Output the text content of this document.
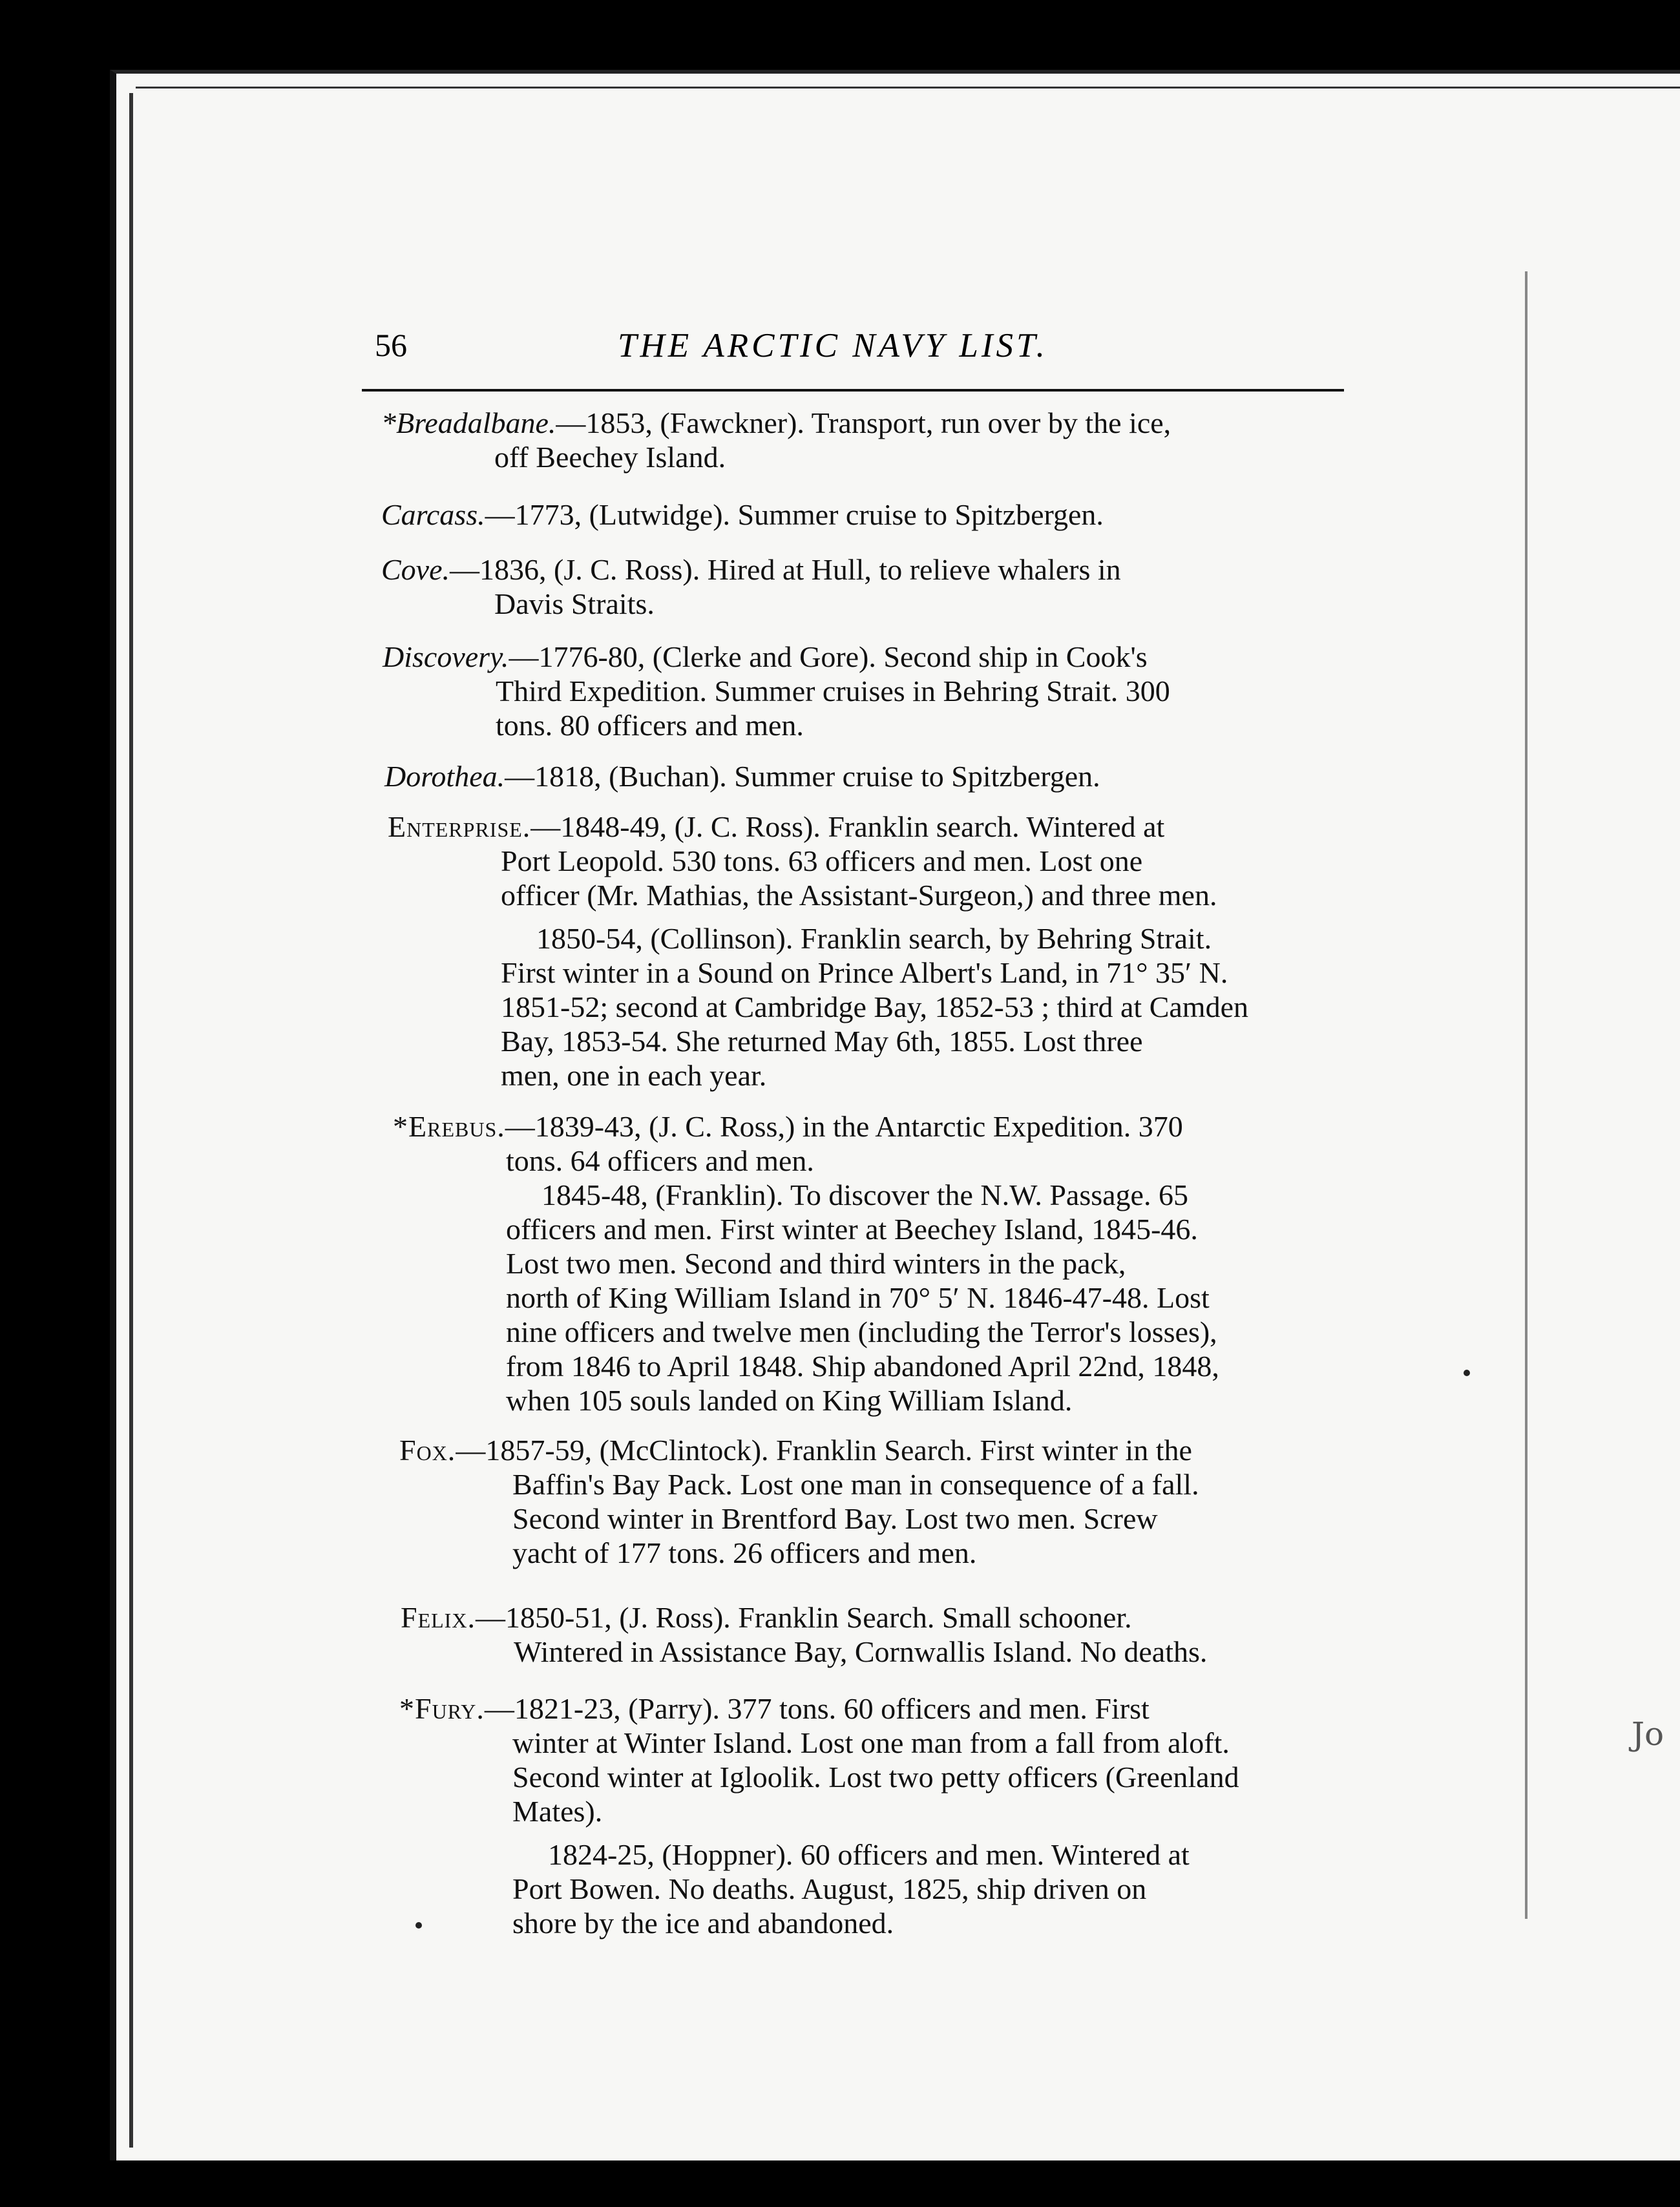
56	THE ARCTIC NAVY LIST.
*Breadalbane.—1853, (Fawckner). Transport, run over by the ice,
off Beechey Island.
Carcass.—1773, (Lutwidge). Summer cruise to Spitzbergen.
Cove.—1836, (J. C. Ross). Hired at Hull, to relieve whalers in
Davis Straits.
Discovery.—1776-80, (Clerke and Gore). Second ship in Cook's
Third Expedition. Summer cruises in Behring Strait. 300
tons. 80 officers and men.
Dorothea.—1818, (Buchan). Summer cruise to Spitzbergen.
Enterprise.—1848-49, (J. C. Ross). Franklin search. Wintered at
Port Leopold. 530 tons. 63 officers and men. Lost one
officer (Mr. Mathias, the Assistant-Surgeon,) and three men.
1850-54, (Collinson). Franklin search, by Behring Strait.
First winter in a Sound on Prince Albert's Land, in 71° 35′ N.
1851-52; second at Cambridge Bay, 1852-53 ; third at Camden
Bay, 1853-54. She returned May 6th, 1855. Lost three
men, one in each year.
*Erebus.—1839-43, (J. C. Ross,) in the Antarctic Expedition. 370
tons. 64 officers and men.
1845-48, (Franklin). To discover the N.W. Passage. 65
officers and men. First winter at Beechey Island, 1845-46.
Lost two men. Second and third winters in the pack,
north of King William Island in 70° 5′ N. 1846-47-48. Lost
nine officers and twelve men (including the Terror's losses),
from 1846 to April 1848. Ship abandoned April 22nd, 1848,
when 105 souls landed on King William Island.
Fox.—1857-59, (McClintock). Franklin Search. First winter in the
Baffin's Bay Pack. Lost one man in consequence of a fall.
Second winter in Brentford Bay. Lost two men. Screw
yacht of 177 tons. 26 officers and men.
Felix.—1850-51, (J. Ross). Franklin Search. Small schooner.
Wintered in Assistance Bay, Cornwallis Island. No deaths.
*Fury.—1821-23, (Parry). 377 tons. 60 officers and men. First
winter at Winter Island. Lost one man from a fall from aloft.
Second winter at Igloolik. Lost two petty officers (Greenland
Mates).
1824-25, (Hoppner). 60 officers and men. Wintered at
Port Bowen. No deaths. August, 1825, ship driven on
shore by the ice and abandoned.
Jo
